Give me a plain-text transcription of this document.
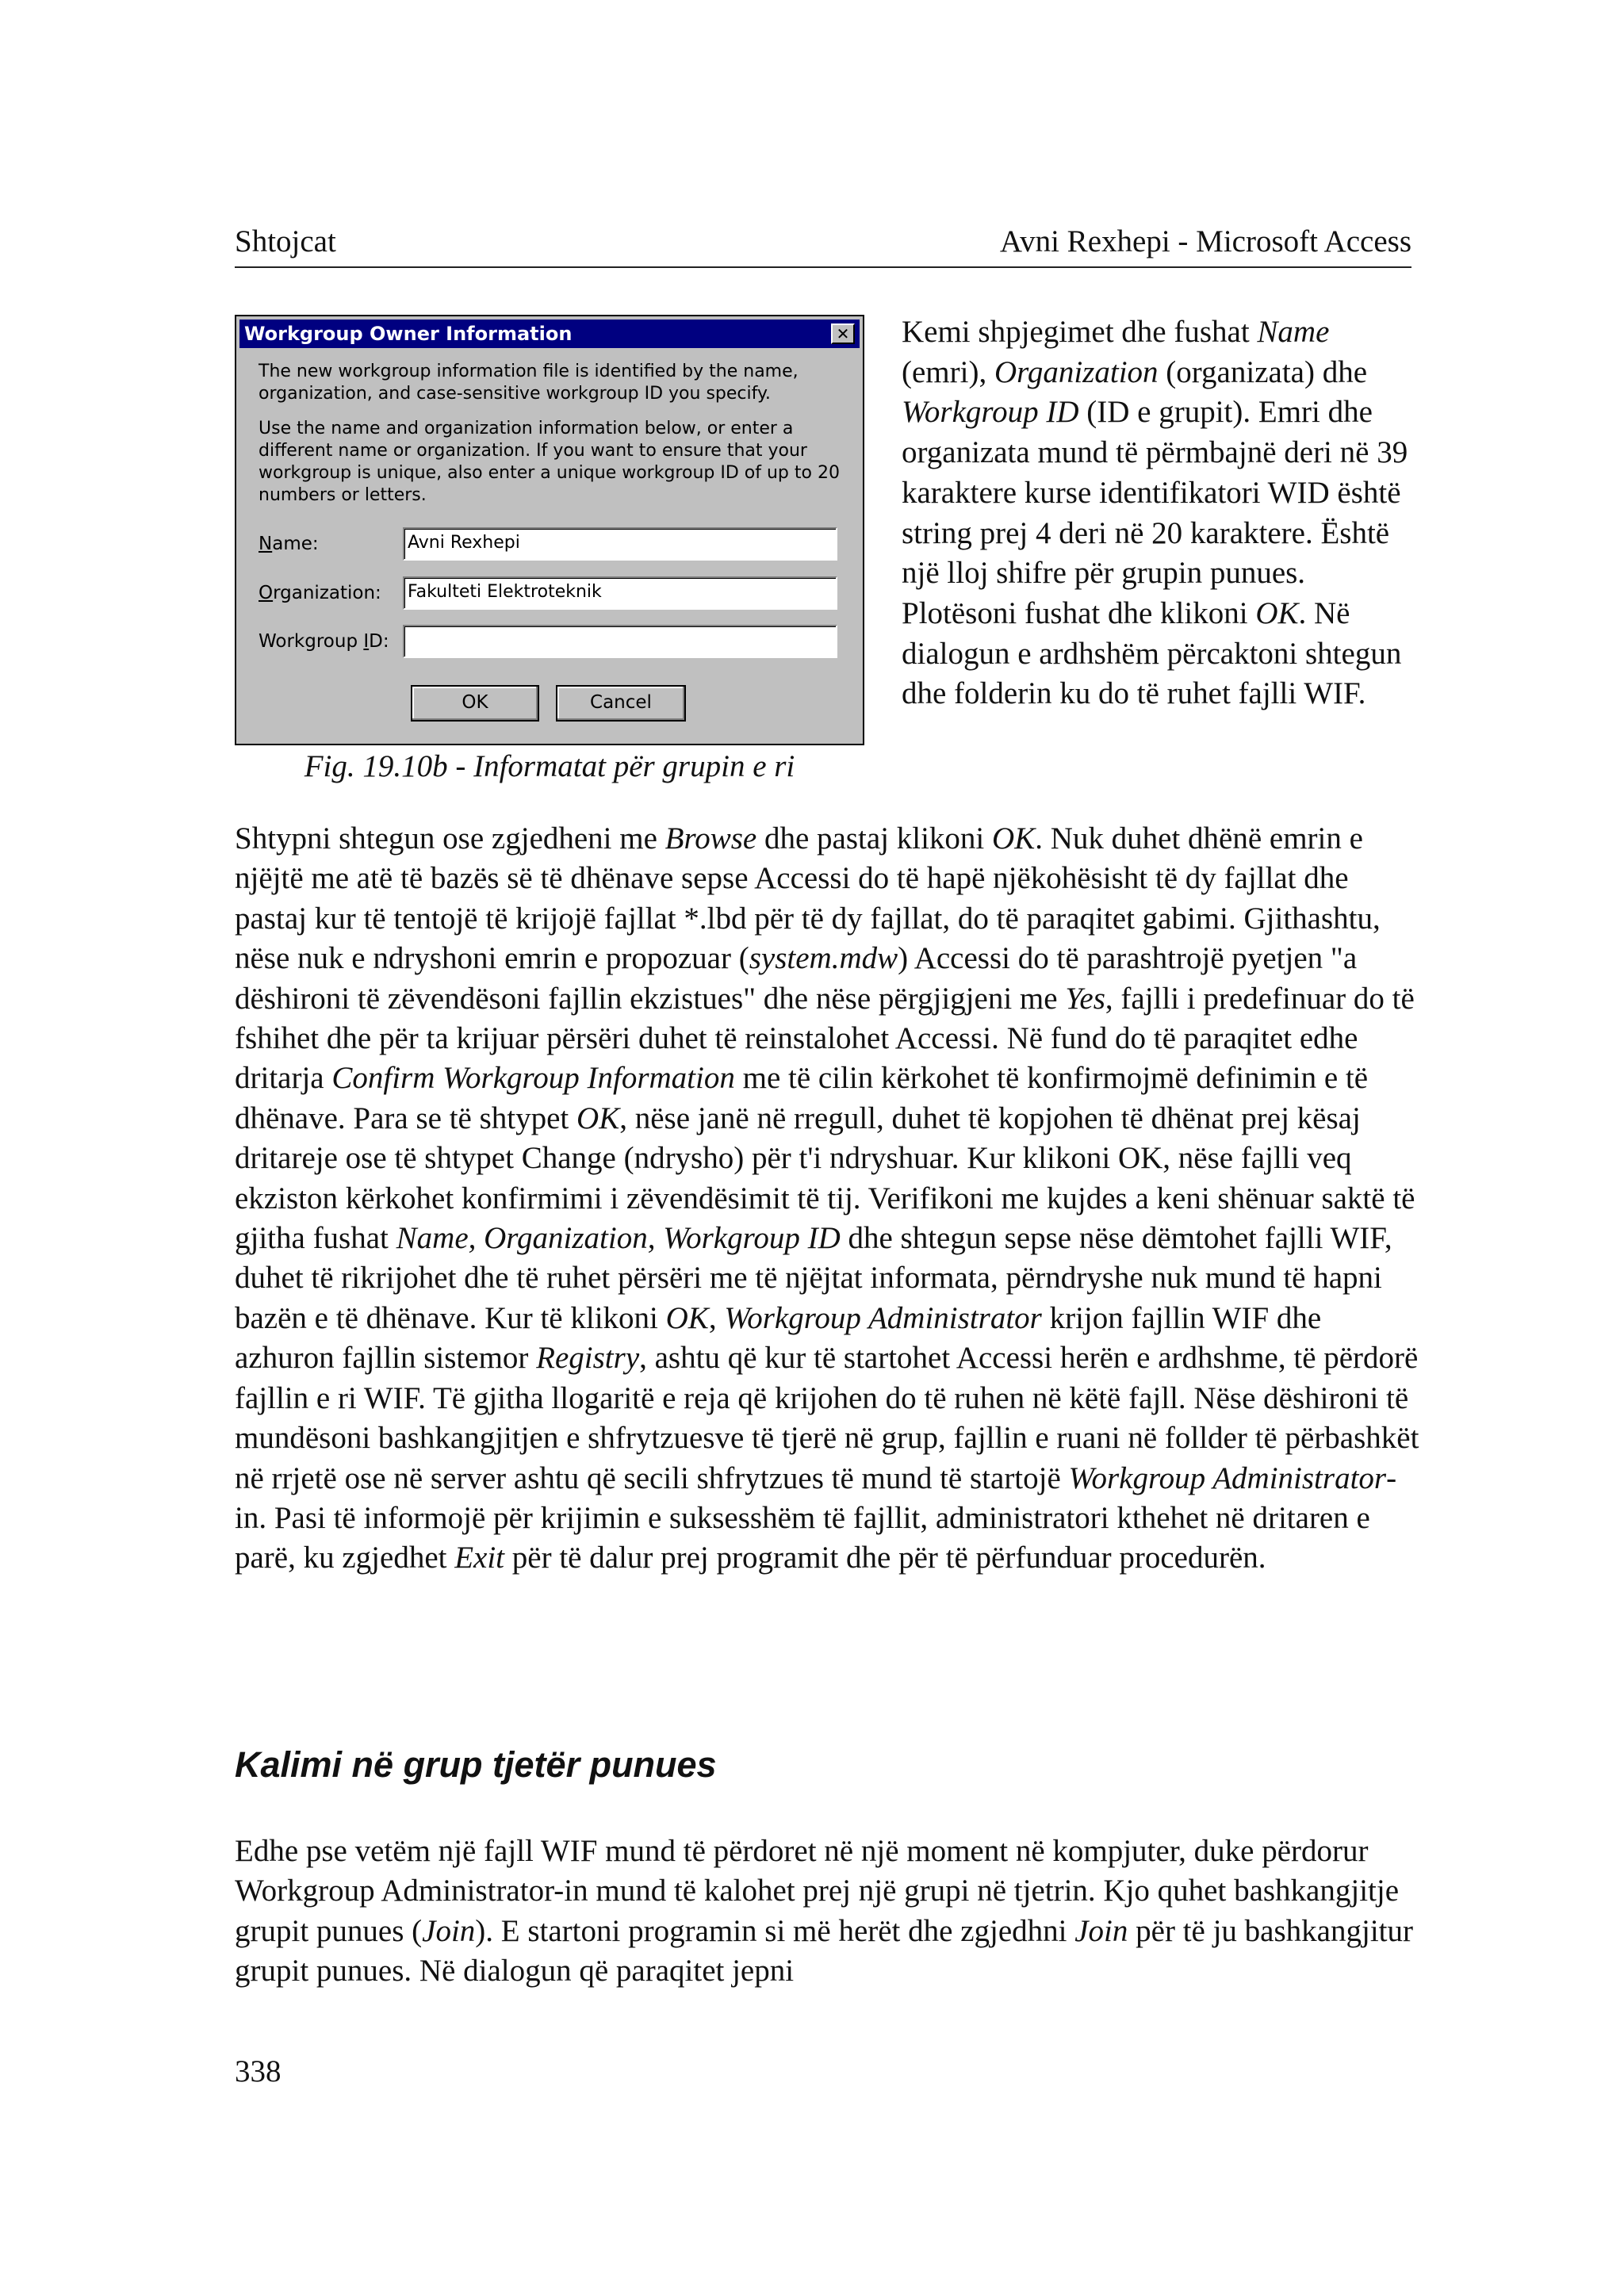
Shtojcat	Avni Rexhepi - Microsoft Access
Workgroup Owner Information	✕
The new workgroup information file is identified by the name, organization, and case-sensitive workgroup ID you specify.
Use the name and organization information below, or enter a different name or organization. If you want to ensure that your workgroup is unique, also enter a unique workgroup ID of up to 20 numbers or letters.
Name:	Avni Rexhepi
Organization: Fakulteti Elektroteknik
Workgroup ID:
OK	Cancel
Fig. 19.10b - Informatat për grupin e ri
Kemi shpjegimet dhe fushat Name (emri), Organization (organizata) dhe Workgroup ID (ID e grupit). Emri dhe organizata mund të përmbajnë deri në 39 karaktere kurse identifikatori WID është string prej 4 deri në 20 karaktere. Është një lloj shifre për grupin punues. Plotësoni fushat dhe klikoni OK. Në dialogun e ardhshëm përcaktoni shtegun dhe folderin ku do të ruhet fajlli WIF.
Shtypni shtegun ose zgjedheni me Browse dhe pastaj klikoni OK. Nuk duhet dhënë emrin e njëjtë me atë të bazës së të dhënave sepse Accessi do të hapë njëkohësisht të dy fajllat dhe pastaj kur të tentojë të krijojë fajllat *.lbd për të dy fajllat, do të paraqitet gabimi. Gjithashtu, nëse nuk e ndryshoni emrin e propozuar (system.mdw) Accessi do të parashtrojë pyetjen "a dëshironi të zëvendësoni fajllin ekzistues" dhe nëse përgjigjeni me Yes, fajlli i predefinuar do të fshihet dhe për ta krijuar përsëri duhet të reinstalohet Accessi. Në fund do të paraqitet edhe dritarja Confirm Workgroup Information me të cilin kërkohet të konfirmojmë definimin e të dhënave. Para se të shtypet OK, nëse janë në rregull, duhet të kopjohen të dhënat prej kësaj dritareje ose të shtypet Change (ndrysho) për t'i ndryshuar. Kur klikoni OK, nëse fajlli veq ekziston kërkohet konfirmimi i zëvendësimit të tij. Verifikoni me kujdes a keni shënuar saktë të gjitha fushat Name, Organization, Workgroup ID dhe shtegun sepse nëse dëmtohet fajlli WIF, duhet të rikrijohet dhe të ruhet përsëri me të njëjtat informata, përndryshe nuk mund të hapni bazën e të dhënave. Kur të klikoni OK, Workgroup Administrator krijon fajllin WIF dhe azhuron fajllin sistemor Registry, ashtu që kur të startohet Accessi herën e ardhshme, të përdorë fajllin e ri WIF. Të gjitha llogaritë e reja që krijohen do të ruhen në këtë fajll. Nëse dëshironi të mundësoni bashkangjitjen e shfrytzuesve të tjerë në grup, fajllin e ruani në follder të përbashkët në rrjetë ose në server ashtu që secili shfrytzues të mund të startojë Workgroup Administrator-in. Pasi të informojë për krijimin e suksesshëm të fajllit, administratori kthehet në dritaren e parë, ku zgjedhet Exit për të dalur prej programit dhe për të përfunduar procedurën.
Kalimi në grup tjetër punues
Edhe pse vetëm një fajll WIF mund të përdoret në një moment në kompjuter, duke përdorur Workgroup Administrator-in mund të kalohet prej një grupi në tjetrin. Kjo quhet bashkangjitje grupit punues (Join). E startoni programin si më herët dhe zgjedhni Join për të ju bashkangjitur grupit punues. Në dialogun që paraqitet jepni
338
